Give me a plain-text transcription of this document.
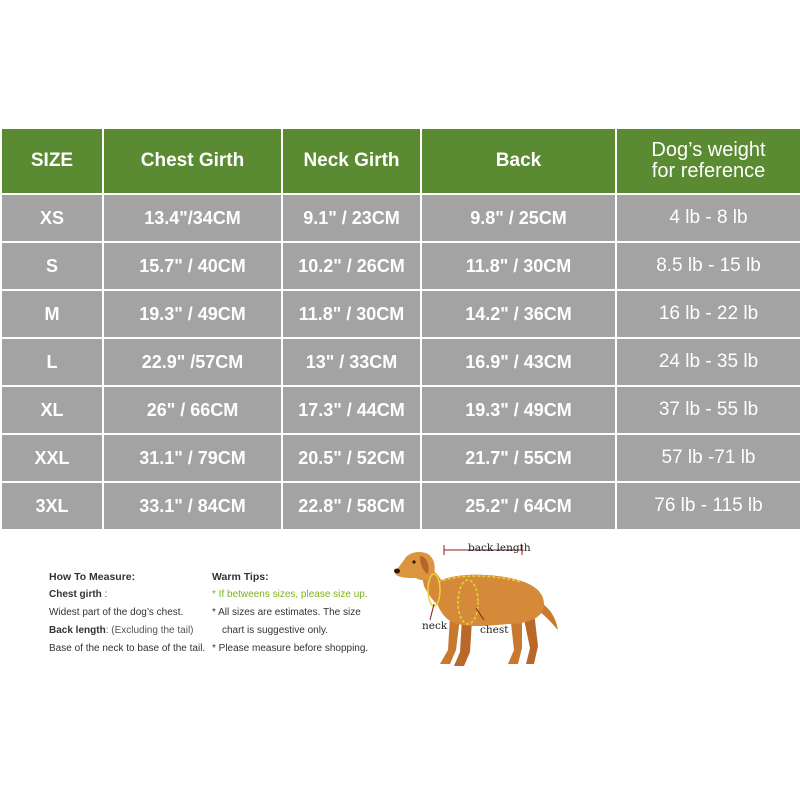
SIZE	Chest Girth	Neck Girth	Back	Dog’s weight
for reference

XS	13.4"/34CM	9.1" / 23CM	9.8" / 25CM	4 lb - 8 lb
S	15.7" / 40CM	10.2" / 26CM	11.8" / 30CM	8.5 lb - 15 lb
M	19.3" / 49CM	11.8" / 30CM	14.2" / 36CM	16 lb - 22 lb
L	22.9" /57CM	13" / 33CM	16.9" / 43CM	24 lb - 35 lb
XL	26" / 66CM	17.3" / 44CM	19.3" / 49CM	37 lb - 55 lb
XXL	31.1" / 79CM	20.5" / 52CM	21.7" / 55CM	57 lb -71 lb
3XL	33.1" / 84CM	22.8" / 58CM	25.2" / 64CM	76 lb - 115 lb
How To Measure:
Chest girth :
Widest part of the dog’s chest.
Back length: (Excluding the tail)
Base of the neck to base of the tail.
Warm Tips:
* If betweens sizes, please size up.
* All sizes are estimates. The size
chart is suggestive only.
* Please measure before shopping.
back length
neck	chest
